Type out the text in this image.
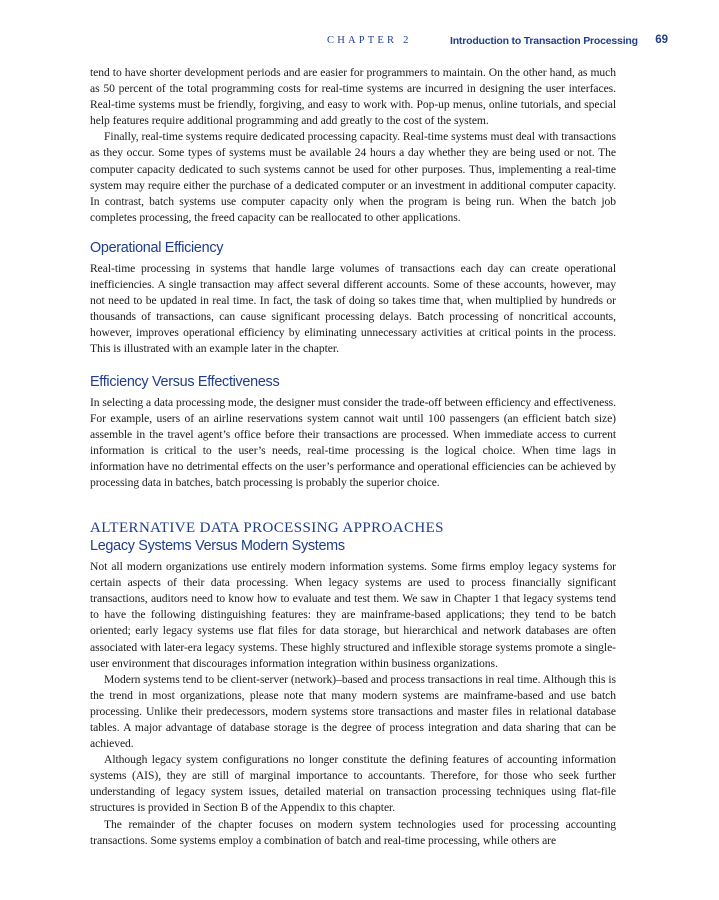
CHAPTER 2	Introduction to Transaction Processing 69

tend to have shorter development periods and are easier for programmers to maintain. On the other hand, as much as 50 percent of the total programming costs for real-time systems are incurred in designing the user interfaces. Real-time systems must be friendly, forgiving, and easy to work with. Pop-up menus, online tutorials, and special help features require additional programming and add greatly to the cost of the system.

Finally, real-time systems require dedicated processing capacity. Real-time systems must deal with transactions as they occur. Some types of systems must be available 24 hours a day whether they are being used or not. The computer capacity dedicated to such systems cannot be used for other purposes. Thus, implementing a real-time system may require either the purchase of a dedicated computer or an investment in additional computer capacity. In contrast, batch systems use computer capacity only when the program is being run. When the batch job completes processing, the freed capacity can be reallocated to other applications.

Operational Efficiency

Real-time processing in systems that handle large volumes of transactions each day can create operational inefficiencies. A single transaction may affect several different accounts. Some of these accounts, however, may not need to be updated in real time. In fact, the task of doing so takes time that, when multiplied by hundreds or thousands of transactions, can cause significant processing delays. Batch processing of noncritical accounts, however, improves operational efficiency by eliminating unnecessary activities at critical points in the process. This is illustrated with an example later in the chapter.

Efficiency Versus Effectiveness

In selecting a data processing mode, the designer must consider the trade-off between efficiency and effectiveness. For example, users of an airline reservations system cannot wait until 100 passengers (an efficient batch size) assemble in the travel agent’s office before their transactions are processed. When immediate access to current information is critical to the user’s needs, real-time processing is the logical choice. When time lags in information have no detrimental effects on the user’s performance and operational efficiencies can be achieved by processing data in batches, batch processing is probably the superior choice.

ALTERNATIVE DATA PROCESSING APPROACHES
Legacy Systems Versus Modern Systems

Not all modern organizations use entirely modern information systems. Some firms employ legacy systems for certain aspects of their data processing. When legacy systems are used to process financially significant transactions, auditors need to know how to evaluate and test them. We saw in Chapter 1 that legacy systems tend to have the following distinguishing features: they are mainframe-based applications; they tend to be batch oriented; early legacy systems use flat files for data storage, but hierarchical and network databases are often associated with later-era legacy systems. These highly structured and inflexible storage systems promote a single-user environment that discourages information integration within business organizations.

Modern systems tend to be client-server (network)–based and process transactions in real time. Although this is the trend in most organizations, please note that many modern systems are mainframe-based and use batch processing. Unlike their predecessors, modern systems store transactions and master files in relational database tables. A major advantage of database storage is the degree of process integration and data sharing that can be achieved.

Although legacy system configurations no longer constitute the defining features of accounting information systems (AIS), they are still of marginal importance to accountants. Therefore, for those who seek further understanding of legacy system issues, detailed material on transaction processing techniques using flat-file structures is provided in Section B of the Appendix to this chapter.

The remainder of the chapter focuses on modern system technologies used for processing accounting transactions. Some systems employ a combination of batch and real-time processing, while others are
